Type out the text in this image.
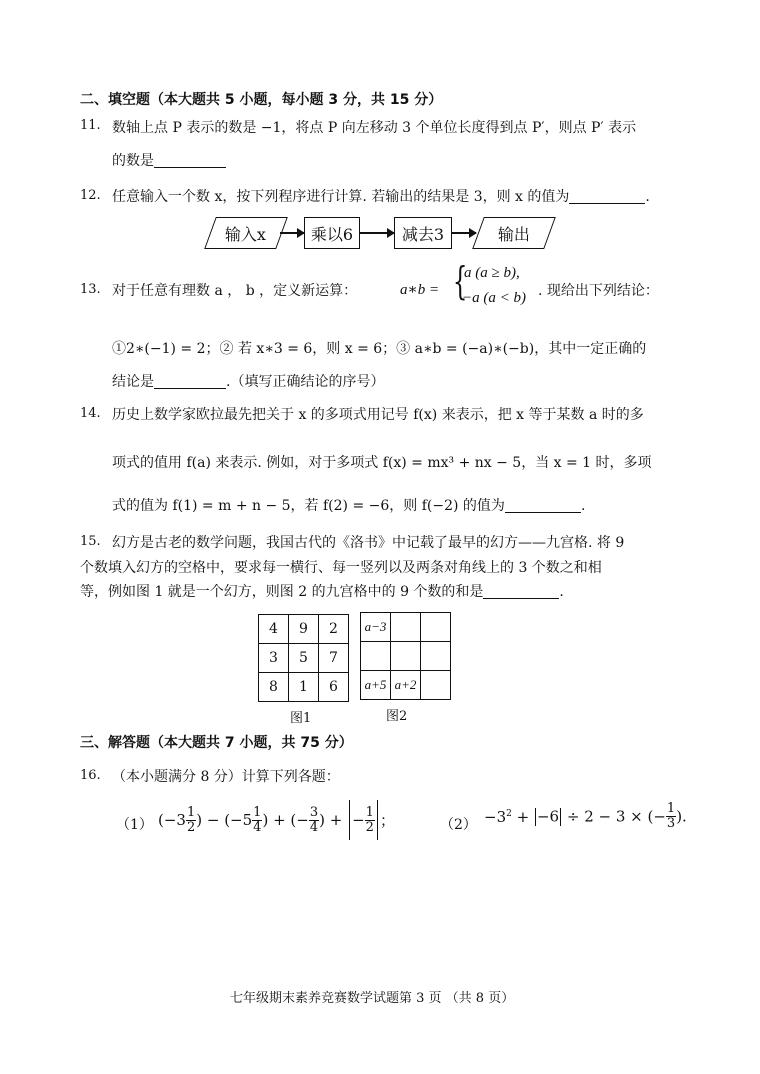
二、填空题（本大题共 5 小题，每小题 3 分，共 15 分）
11. 数轴上点 P 表示的数是 −1，将点 P 向左移动 3 个单位长度得到点 P′，则点 P′ 表示
的数是
12. 任意输入一个数 x，按下列程序进行计算. 若输出的结果是 3，则 x 的值为	.
输入x	乘以6	减去3	输出
13. 对于任意有理数 a ， b ，定义新运算：	a∗b = {
a (a ≥ b),
−a (a < b) . 现给出下列结论：
①2∗(−1) = 2；② 若 x∗3 = 6，则 x = 6；③ a∗b = (−a)∗(−b)，其中一定正确的
结论是	.（填写正确结论的序号）
14. 历史上数学家欧拉最先把关于 x 的多项式用记号 f(x) 来表示，把 x 等于某数 a 时的多
项式的值用 f(a) 来表示. 例如，对于多项式 f(x) = mx³ + nx − 5，当 x = 1 时，多项
式的值为 f(1) = m + n − 5，若 f(2) = −6，则 f(−2) 的值为	.
15. 幻方是古老的数学问题，我国古代的《洛书》中记载了最早的幻方——九宫格. 将 9
个数填入幻方的空格中，要求每一横行、每一竖列以及两条对角线上的 3 个数之和相
等，例如图 1 就是一个幻方，则图 2 的九宫格中的 9 个数的和是	.
4	9	2
3	5	7
8	1	6
图1
a−3		

a+5	a+2	
图2
三、解答题（本大题共 7 小题，共 75 分）
16. （本小题满分 8 分）计算下列各题：
（1） ($-3 \frac{1}{2}$ ) − ($-5 \frac{1}{4}$ ) + (− $\frac{3}{4}$ ) + − $\frac{1}{2}$ ；	$(2) -3^2 + -6 \div 2 - 3$ × (− $\frac{1}{3}$ ).
七年级期末素养竞赛数学试题第 3 页 （共 8 页）
